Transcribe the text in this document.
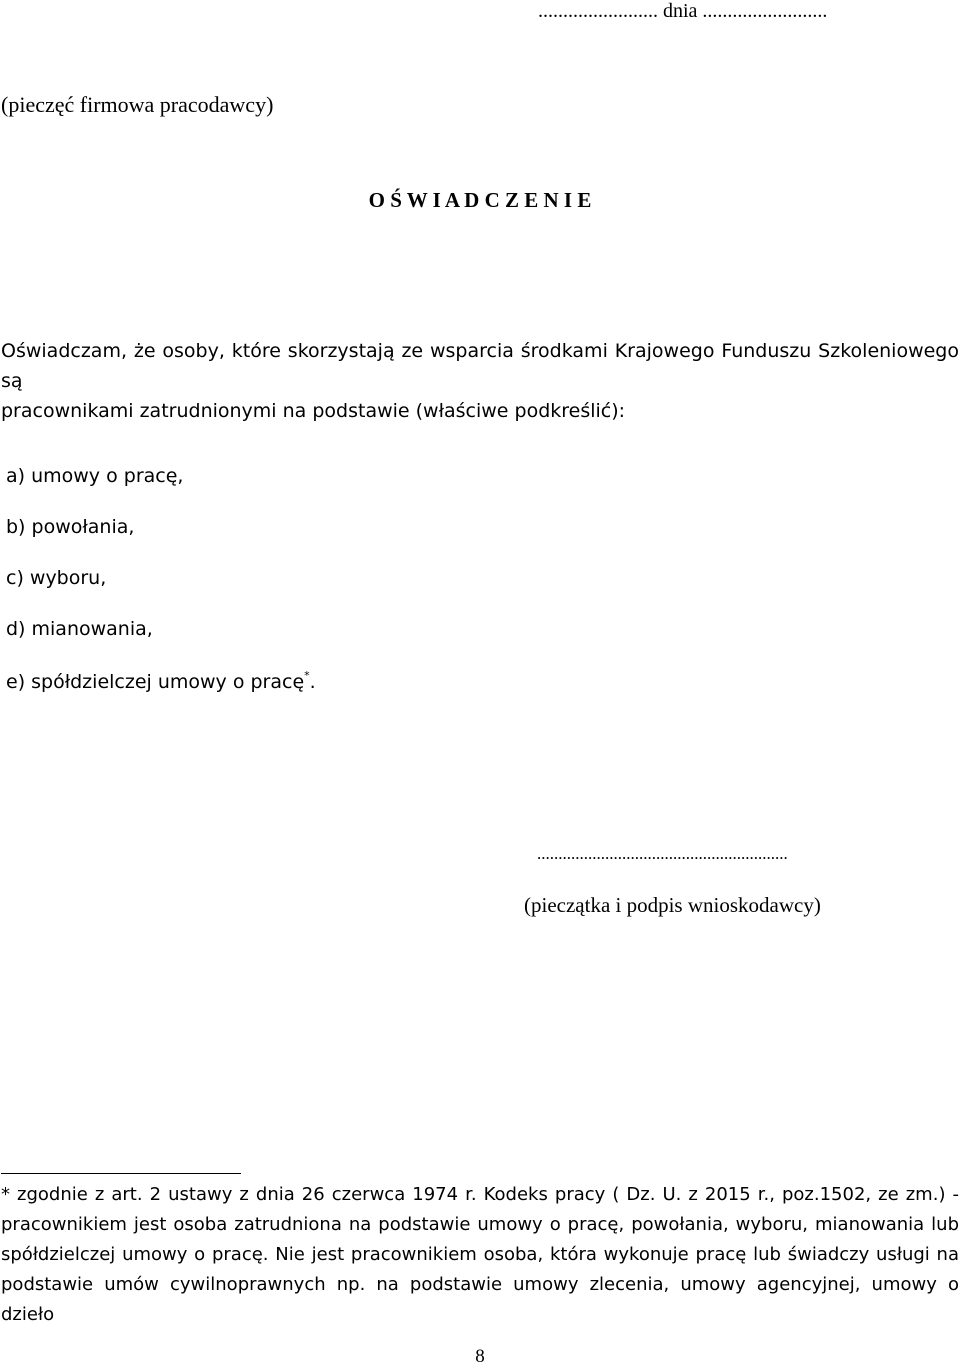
........................ dnia .........................

(pieczęć firmowa pracodawcy)

O Ś W I A D C Z E N I E

Oświadczam, że osoby, które skorzystają ze wsparcia środkami Krajowego Funduszu Szkoleniowego są
pracownikami zatrudnionymi na podstawie (właściwe podkreślić):

a) umowy o pracę,

b) powołania,

c) wyboru,

d) mianowania,

e) spółdzielczej umowy o pracę*.

...........................................................

(pieczątka i podpis wnioskodawcy)

* zgodnie z art. 2 ustawy z dnia 26 czerwca 1974 r. Kodeks pracy ( Dz. U. z 2015 r., poz.1502, ze zm.) -
pracownikiem jest osoba zatrudniona na podstawie umowy o pracę, powołania, wyboru, mianowania lub
spółdzielczej umowy o pracę. Nie jest pracownikiem osoba, która wykonuje pracę lub świadczy usługi na
podstawie umów cywilnoprawnych np. na podstawie umowy zlecenia, umowy agencyjnej, umowy o
dzieło

8
